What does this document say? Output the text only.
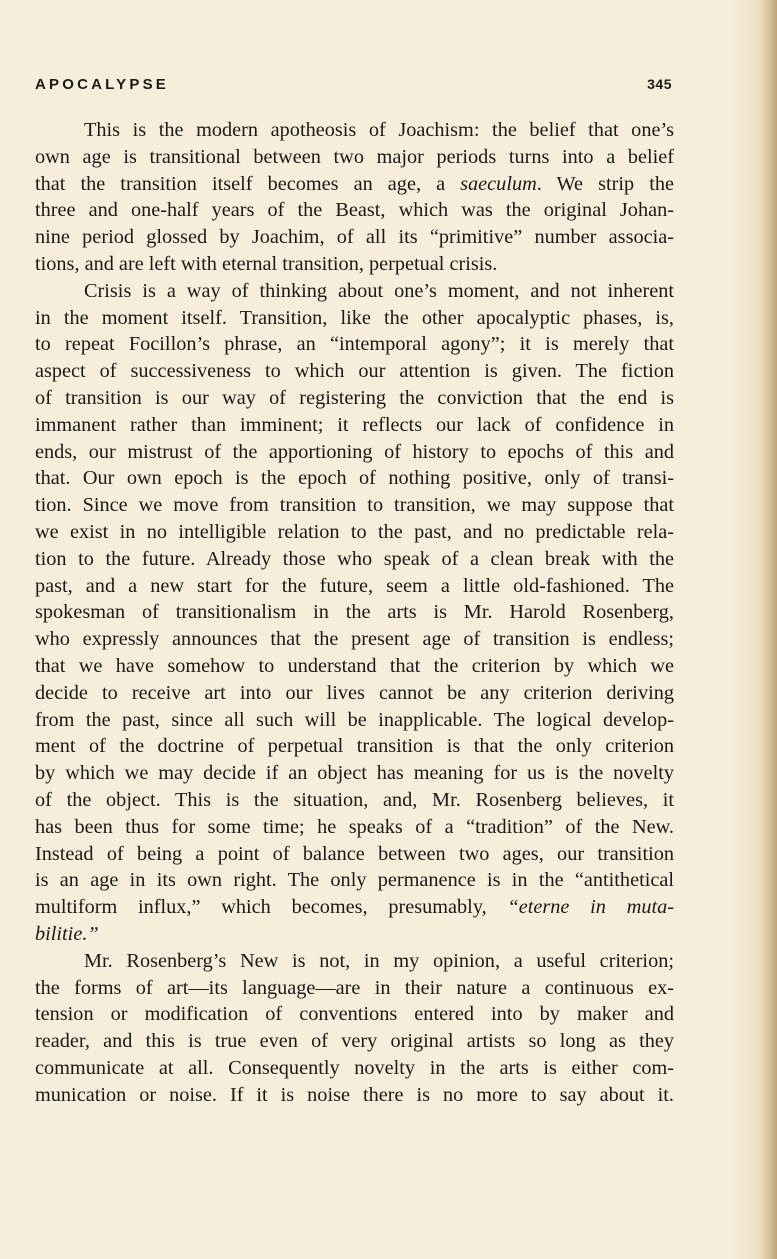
APOCALYPSE	345
This is the modern apotheosis of Joachism: the belief that one’s
own age is transitional between two major periods turns into a belief
that the transition itself becomes an age, a saeculum. We strip the
three and one-half years of the Beast, which was the original Johan-
nine period glossed by Joachim, of all its “primitive” number associa-
tions, and are left with eternal transition, perpetual crisis.
Crisis is a way of thinking about one’s moment, and not inherent
in the moment itself. Transition, like the other apocalyptic phases, is,
to repeat Focillon’s phrase, an “intemporal agony”; it is merely that
aspect of successiveness to which our attention is given. The fiction
of transition is our way of registering the conviction that the end is
immanent rather than imminent; it reflects our lack of confidence in
ends, our mistrust of the apportioning of history to epochs of this and
that. Our own epoch is the epoch of nothing positive, only of transi-
tion. Since we move from transition to transition, we may suppose that
we exist in no intelligible relation to the past, and no predictable rela-
tion to the future. Already those who speak of a clean break with the
past, and a new start for the future, seem a little old-fashioned. The
spokesman of transitionalism in the arts is Mr. Harold Rosenberg,
who expressly announces that the present age of transition is endless;
that we have somehow to understand that the criterion by which we
decide to receive art into our lives cannot be any criterion deriving
from the past, since all such will be inapplicable. The logical develop-
ment of the doctrine of perpetual transition is that the only criterion
by which we may decide if an object has meaning for us is the novelty
of the object. This is the situation, and, Mr. Rosenberg believes, it
has been thus for some time; he speaks of a “tradition” of the New.
Instead of being a point of balance between two ages, our transition
is an age in its own right. The only permanence is in the “antithetical
multiform influx,” which becomes, presumably, “eterne in muta-
bilitie.”
Mr. Rosenberg’s New is not, in my opinion, a useful criterion;
the forms of art—its language—are in their nature a continuous ex-
tension or modification of conventions entered into by maker and
reader, and this is true even of very original artists so long as they
communicate at all. Consequently novelty in the arts is either com-
munication or noise. If it is noise there is no more to say about it.
